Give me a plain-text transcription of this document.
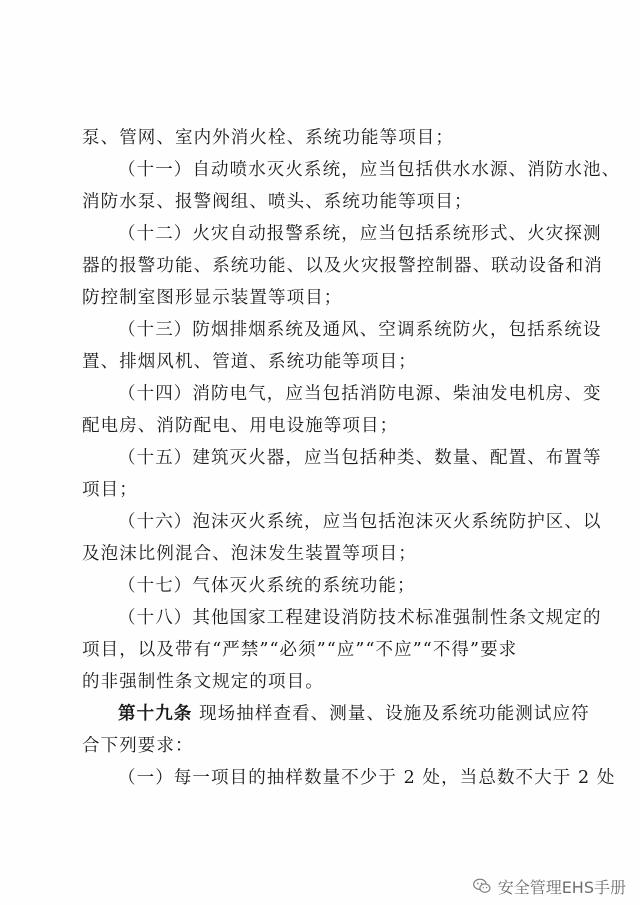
泵、管网、室内外消火栓、系统功能等项目；
（十一）自动喷水灭火系统，应当包括供水水源、消防水池、
消防水泵、报警阀组、喷头、系统功能等项目；
（十二）火灾自动报警系统，应当包括系统形式、火灾探测
器的报警功能、系统功能、以及火灾报警控制器、联动设备和消
防控制室图形显示装置等项目；
（十三）防烟排烟系统及通风、空调系统防火，包括系统设
置、排烟风机、管道、系统功能等项目；
（十四）消防电气，应当包括消防电源、柴油发电机房、变
配电房、消防配电、用电设施等项目；
（十五）建筑灭火器，应当包括种类、数量、配置、布置等
项目；
（十六）泡沫灭火系统，应当包括泡沫灭火系统防护区、以
及泡沫比例混合、泡沫发生装置等项目；
（十七）气体灭火系统的系统功能；
（十八）其他国家工程建设消防技术标准强制性条文规定的
项目，以及带有“严禁”“必须”“应”“不应”“不得”要求
的非强制性条文规定的项目。
第十九条 现场抽样查看、测量、设施及系统功能测试应符
合下列要求：
（一）每一项目的抽样数量不少于 2 处，当总数不大于 2 处
安全管理EHS手册
